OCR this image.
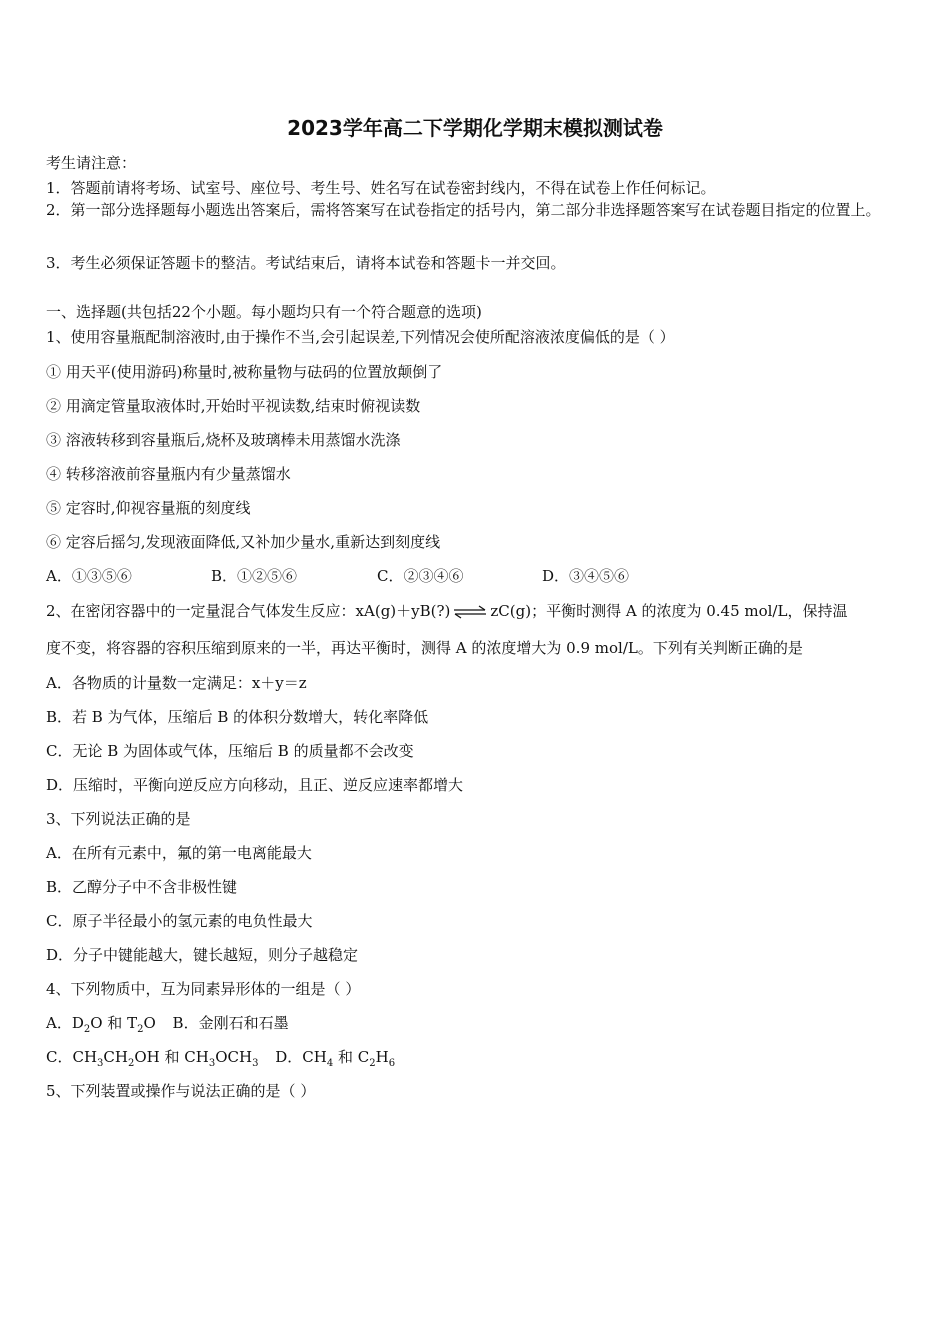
2023学年高二下学期化学期末模拟测试卷
考生请注意：
1．答题前请将考场、试室号、座位号、考生号、姓名写在试卷密封线内，不得在试卷上作任何标记。
2．第一部分选择题每小题选出答案后，需将答案写在试卷指定的括号内，第二部分非选择题答案写在试卷题目指定的位置上。
3．考生必须保证答题卡的整洁。考试结束后，请将本试卷和答题卡一并交回。
一、选择题(共包括22个小题。每小题均只有一个符合题意的选项)
1、使用容量瓶配制溶液时,由于操作不当,会引起误差,下列情况会使所配溶液浓度偏低的是（ ）
① 用天平(使用游码)称量时,被称量物与砝码的位置放颠倒了
② 用滴定管量取液体时,开始时平视读数,结束时俯视读数
③ 溶液转移到容量瓶后,烧杯及玻璃棒未用蒸馏水洗涤
④ 转移溶液前容量瓶内有少量蒸馏水
⑤ 定容时,仰视容量瓶的刻度线
⑥ 定容后摇匀,发现液面降低,又补加少量水,重新达到刻度线
A．①③⑤⑥	B．①②⑤⑥	C．②③④⑥	D．③④⑤⑥
2、在密闭容器中的一定量混合气体发生反应：xA(g)＋yB(?) ⇌ zC(g)；平衡时测得 A 的浓度为 0.45 mol/L，保持温
度不变，将容器的容积压缩到原来的一半，再达平衡时，测得 A 的浓度增大为 0.9 mol/L。下列有关判断正确的是
A．各物质的计量数一定满足：x＋y＝z
B．若 B 为气体，压缩后 B 的体积分数增大，转化率降低
C．无论 B 为固体或气体，压缩后 B 的质量都不会改变
D．压缩时，平衡向逆反应方向移动，且正、逆反应速率都增大
3、下列说法正确的是
A．在所有元素中，氟的第一电离能最大
B．乙醇分子中不含非极性键
C．原子半径最小的氢元素的电负性最大
D．分子中键能越大，键长越短，则分子越稳定
4、下列物质中，互为同素异形体的一组是（ ）
A．$D_2O$ 和 $T_2O$ B．金刚石和石墨
C．$CH_3CH_2OH$ 和 $CH_3OCH_3$ D．$CH_4$ 和 $C_2H_6$
5、下列装置或操作与说法正确的是（ ）
